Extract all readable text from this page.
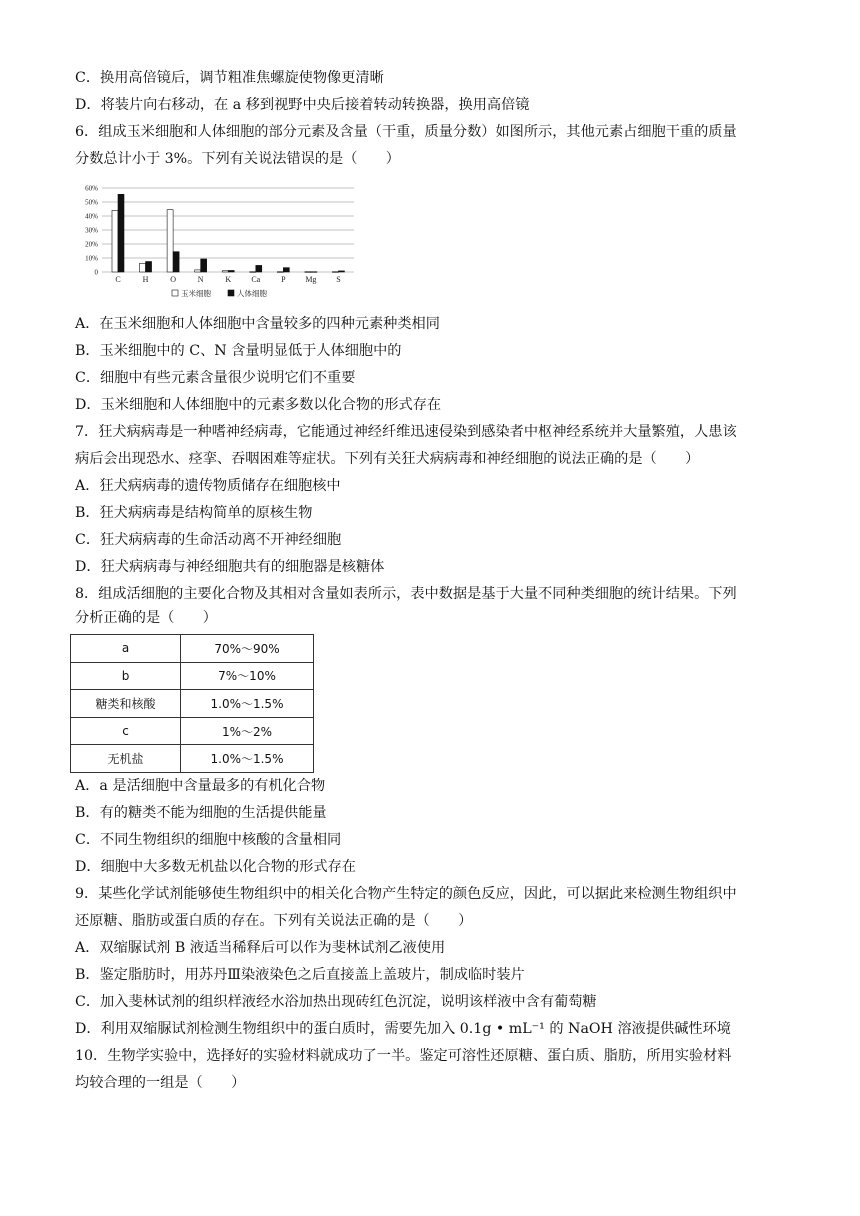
C．换用高倍镜后，调节粗准焦螺旋使物像更清晰
D．将装片向右移动，在 a 移到视野中央后接着转动转换器，换用高倍镜
6．组成玉米细胞和人体细胞的部分元素及含量（干重，质量分数）如图所示，其他元素占细胞干重的质量
分数总计小于 3%。下列有关说法错误的是（　　）
0
10%
20%
30%
40%
50%
60%
C	H	O	N	K	Ca	P Mg S
玉米细胞	人体细胞
A．在玉米细胞和人体细胞中含量较多的四种元素种类相同
B．玉米细胞中的 C、N 含量明显低于人体细胞中的
C．细胞中有些元素含量很少说明它们不重要
D．玉米细胞和人体细胞中的元素多数以化合物的形式存在
7．狂犬病病毒是一种嗜神经病毒，它能通过神经纤维迅速侵染到感染者中枢神经系统并大量繁殖，人患该
病后会出现恐水、痉挛、吞咽困难等症状。下列有关狂犬病病毒和神经细胞的说法正确的是（　　）
A．狂犬病病毒的遗传物质储存在细胞核中
B．狂犬病病毒是结构简单的原核生物
C．狂犬病病毒的生命活动离不开神经细胞
D．狂犬病病毒与神经细胞共有的细胞器是核糖体
8．组成活细胞的主要化合物及其相对含量如表所示，表中数据是基于大量不同种类细胞的统计结果。下列
分析正确的是（　　）
a	70%～90%
b	7%～10%
糖类和核酸	1.0%～1.5%
c	1%～2%
无机盐	1.0%～1.5%
A．a 是活细胞中含量最多的有机化合物
B．有的糖类不能为细胞的生活提供能量
C．不同生物组织的细胞中核酸的含量相同
D．细胞中大多数无机盐以化合物的形式存在
9．某些化学试剂能够使生物组织中的相关化合物产生特定的颜色反应，因此，可以据此来检测生物组织中
还原糖、脂肪或蛋白质的存在。下列有关说法正确的是（　　）
A．双缩脲试剂 B 液适当稀释后可以作为斐林试剂乙液使用
B．鉴定脂肪时，用苏丹Ⅲ染液染色之后直接盖上盖玻片，制成临时装片
C．加入斐林试剂的组织样液经水浴加热出现砖红色沉淀，说明该样液中含有葡萄糖
D．利用双缩脲试剂检测生物组织中的蛋白质时，需要先加入 0.1g • mL⁻¹ 的 NaOH 溶液提供碱性环境
10．生物学实验中，选择好的实验材料就成功了一半。鉴定可溶性还原糖、蛋白质、脂肪，所用实验材料
均较合理的一组是（　　）
